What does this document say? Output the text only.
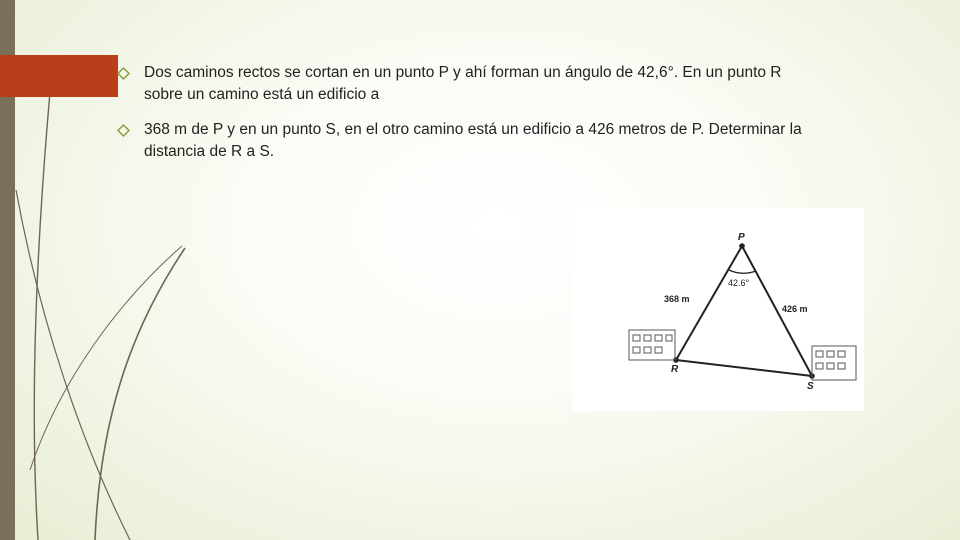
Dos caminos rectos se cortan en un punto P y ahí forman un ángulo de 42,6°. En un punto R sobre un camino está un edificio a
368 m de P y en un punto S, en el otro camino está un edificio a 426 metros de P. Determinar la distancia de R a S.
P
R
S
42.6°
368 m
426 m
